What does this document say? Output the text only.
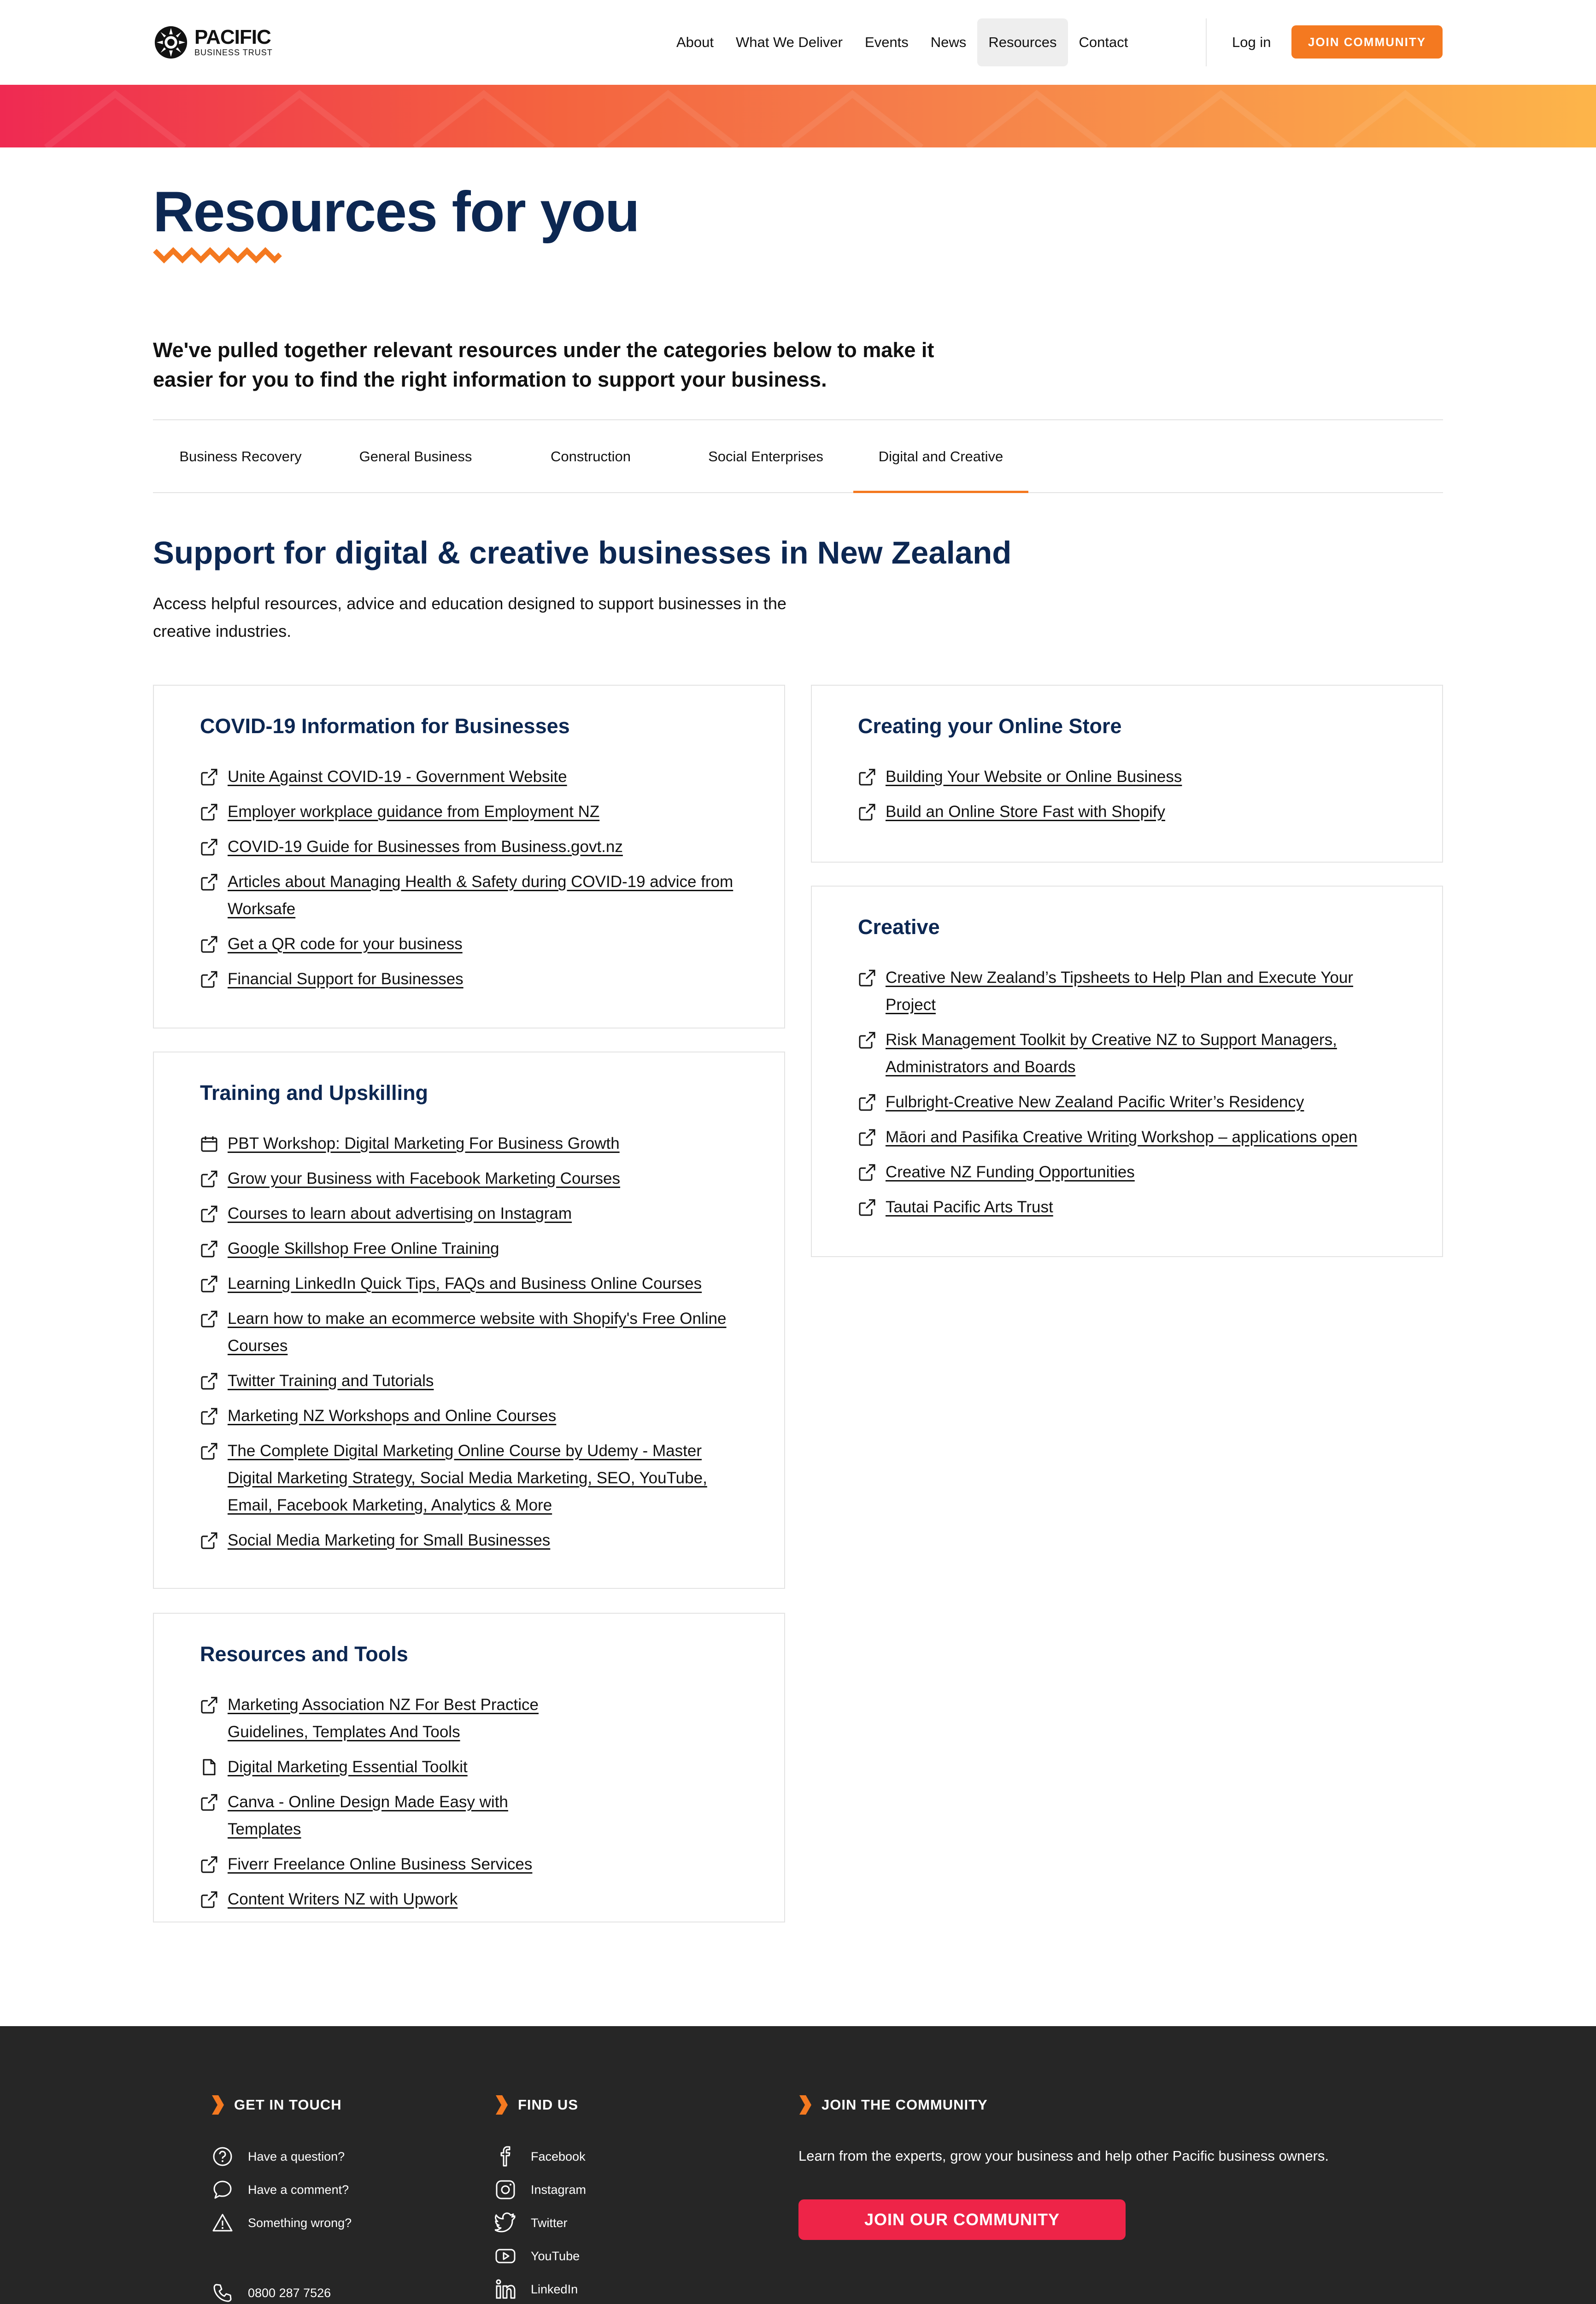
PACIFIC
BUSINESS TRUST
About	What We Deliver	Events	News	Resources	Contact	Log in	JOIN COMMUNITY
Resources for you

We've pulled together relevant resources under the categories below to make it easier for you to find the right information to support your business.

Business Recovery	General Business	Construction	Social Enterprises	Digital and Creative
Support for digital & creative businesses in New Zealand

Access helpful resources, advice and education designed to support businesses in the creative industries.

COVID-19 Information for Businesses
Unite Against COVID-19 - Government Website
Employer workplace guidance from Employment NZ
COVID-19 Guide for Businesses from Business.govt.nz
Articles about Managing Health & Safety during COVID-19 advice from Worksafe
Get a QR code for your business
Financial Support for Businesses
Training and Upskilling
PBT Workshop: Digital Marketing For Business Growth
Grow your Business with Facebook Marketing Courses
Courses to learn about advertising on Instagram
Google Skillshop Free Online Training
Learning LinkedIn Quick Tips, FAQs and Business Online Courses
Learn how to make an ecommerce website with Shopify's Free Online Courses
Twitter Training and Tutorials
Marketing NZ Workshops and Online Courses
The Complete Digital Marketing Online Course by Udemy - Master Digital Marketing Strategy, Social Media Marketing, SEO, YouTube, Email, Facebook Marketing, Analytics & More
Social Media Marketing for Small Businesses
Resources and Tools
Marketing Association NZ For Best Practice Guidelines, Templates And Tools
Digital Marketing Essential Toolkit
Canva - Online Design Made Easy with Templates
Fiverr Freelance Online Business Services
Content Writers NZ with Upwork
Creating your Online Store
Building Your Website or Online Business
Build an Online Store Fast with Shopify
Creative
Creative New Zealand’s Tipsheets to Help Plan and Execute Your Project
Risk Management Toolkit by Creative NZ to Support Managers, Administrators and Boards
Fulbright-Creative New Zealand Pacific Writer’s Residency
Māori and Pasifika Creative Writing Workshop – applications open
Creative NZ Funding Opportunities
Tautai Pacific Arts Trust
GET IN TOUCH
Have a question?
Have a comment?
Something wrong?
0800 287 7526
FIND US
Facebook
Instagram
Twitter
YouTube
LinkedIn
JOIN THE COMMUNITY

Learn from the experts, grow your business and help other Pacific business owners.

JOIN OUR COMMUNITY
